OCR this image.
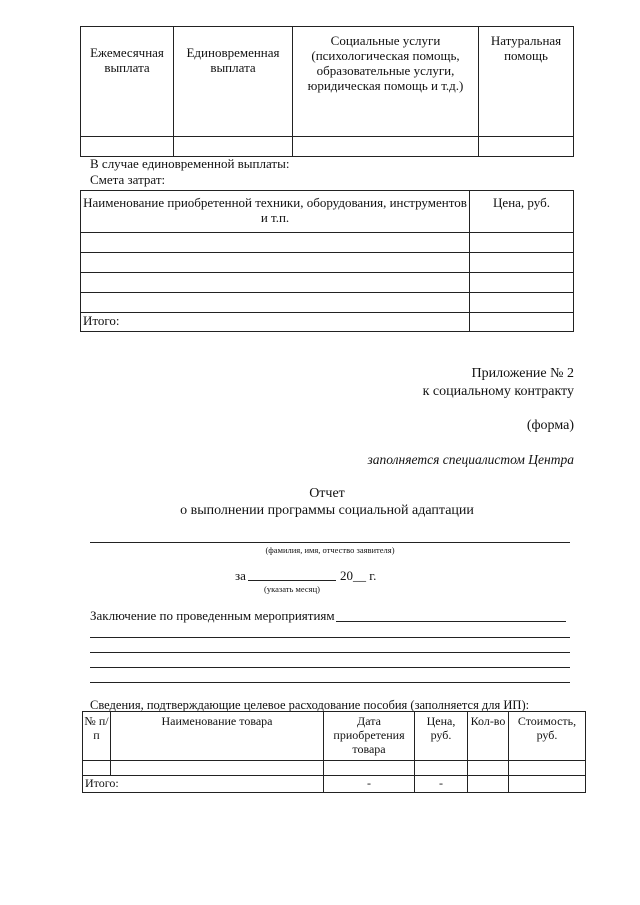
Ежемесячная выплата	Единовременная выплата	Социальные услуги (психологическая помощь, образовательные услуги, юридическая помощь и т.д.)	Натуральная помощь

В случае единовременной выплаты:
Смета затрат:
Наименование приобретенной техники, оборудования, инструментов и т.п.	Цена, руб.

Итого:	
Приложение № 2
к социальному контракту
(форма)
заполняется специалистом Центра
Отчет
о выполнении программы социальной адаптации
(фамилия, имя, отчество заявителя)
за	20__ г.
(указать месяц)
Заключение по проведенным мероприятиям
Сведения, подтверждающие целевое расходование пособия (заполняется для ИП):
№ п/п	Наименование товара	Дата приобретения товара	Цена, руб.	Кол-во	Стоимость, руб.

Итого:		-	-		
